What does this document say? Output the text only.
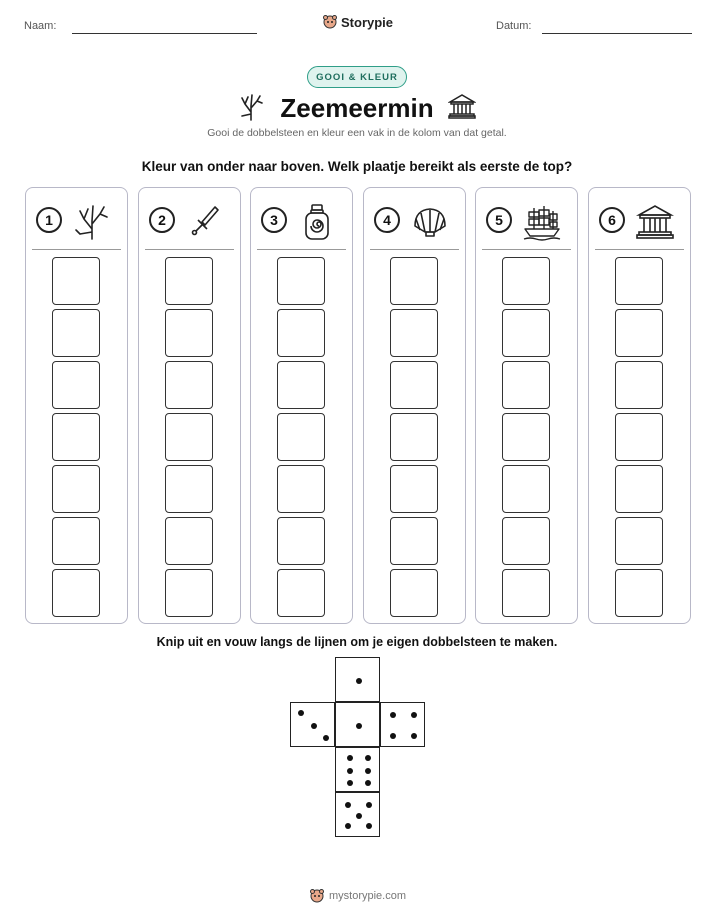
Naam:	Storypie	Datum:
GOOI & KLEUR
Zeemeermin
Gooi de dobbelsteen en kleur een vak in de kolom van dat getal.
Kleur van onder naar boven. Welk plaatje bereikt als eerste de top?
1	2	3	4	5	6
Knip uit en vouw langs de lijnen om je eigen dobbelsteen te maken.
mystorypie.com
